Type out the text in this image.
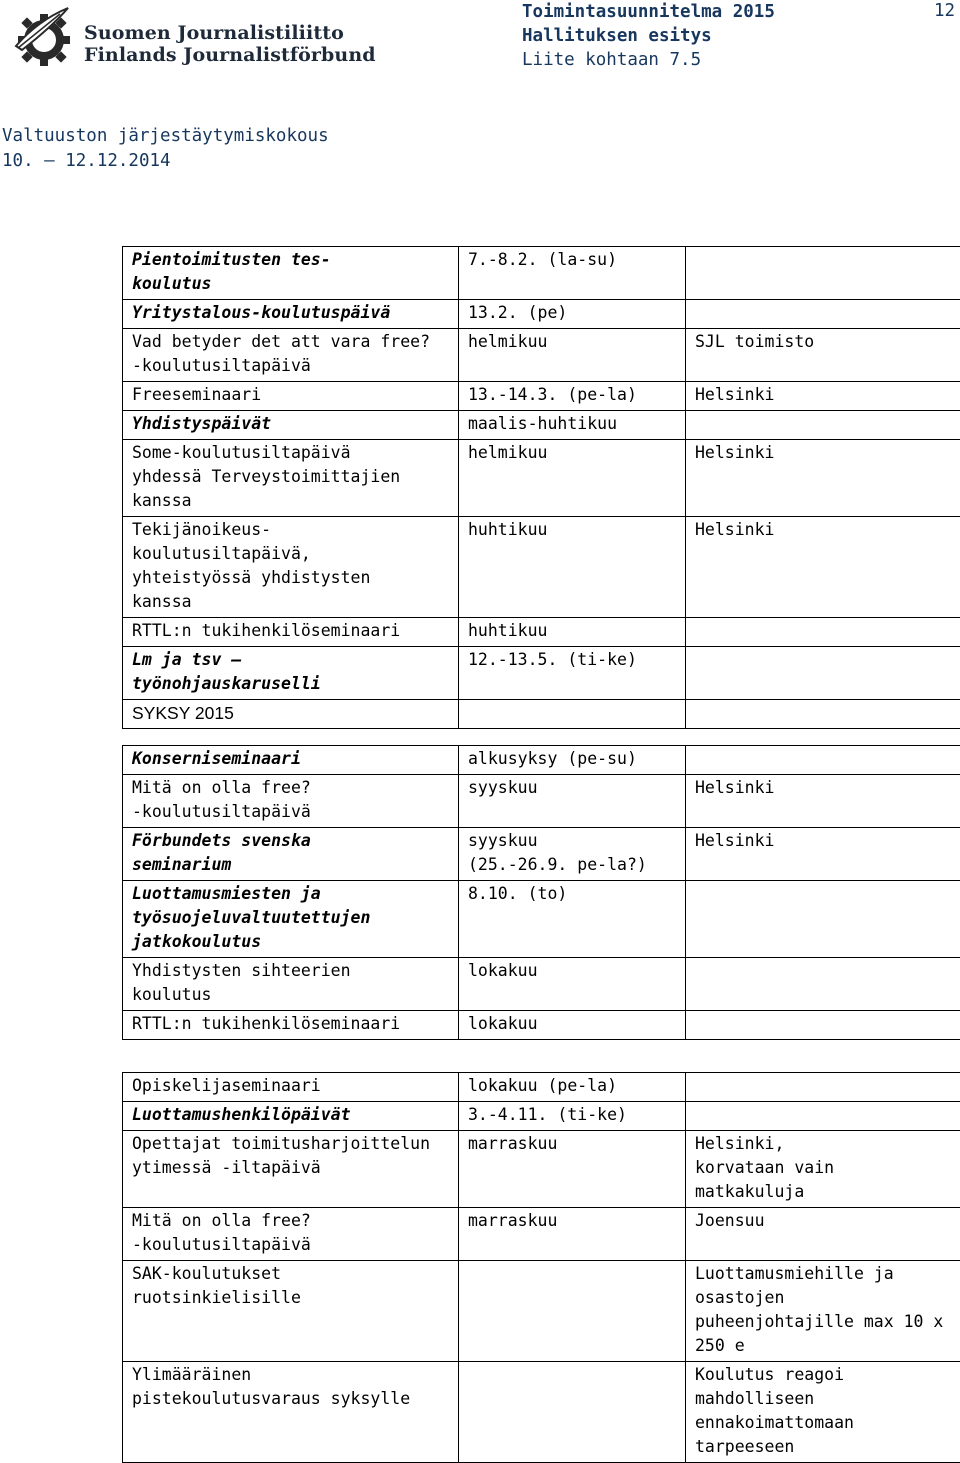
Suomen Journalistiliitto
Finlands Journalistförbund
Toimintasuunnitelma 2015
Hallituksen esitys
Liite kohtaan 7.5
12
Valtuuston järjestäytymiskokous
10. – 12.12.2014
Pientoimitusten tes-
koulutus	7.-8.2. (la-su)	

Yritystalous-koulutuspäivä	13.2. (pe)	

Vad betyder det att vara free?
-koulutusiltapäivä	helmikuu	SJL toimisto

Freeseminaari	13.-14.3. (pe-la)	Helsinki

Yhdistyspäivät	maalis-huhtikuu	

Some-koulutusiltapäivä
yhdessä Terveystoimittajien
kanssa	helmikuu	Helsinki

Tekijänoikeus-
koulutusiltapäivä,
yhteistyössä yhdistysten
kanssa	huhtikuu	Helsinki

RTTL:n tukihenkilöseminaari	huhtikuu	

Lm ja tsv –
työnohjauskaruselli	12.-13.5. (ti-ke)	

SYKSY 2015		

Konserniseminaari	alkusyksy (pe-su)	

Mitä on olla free?
-koulutusiltapäivä	syyskuu	Helsinki

Förbundets svenska
seminarium	syyskuu
(25.-26.9. pe-la?)	Helsinki

Luottamusmiesten ja
työsuojeluvaltuutettujen
jatkokoulutus	8.10. (to)	

Yhdistysten sihteerien
koulutus	lokakuu	

RTTL:n tukihenkilöseminaari	lokakuu	

Opiskelijaseminaari	lokakuu (pe-la)	

Luottamushenkilöpäivät	3.-4.11. (ti-ke)	

Opettajat toimitusharjoittelun
ytimessä -iltapäivä	marraskuu	Helsinki,
korvataan vain
matkakuluja

Mitä on olla free?
-koulutusiltapäivä	marraskuu	Joensuu

SAK-koulutukset
ruotsinkielisille		Luottamusmiehille ja
osastojen
puheenjohtajille max 10 x
250 e

Ylimääräinen
pistekoulutusvaraus syksylle		Koulutus reagoi
mahdolliseen
ennakoimattomaan
tarpeeseen
